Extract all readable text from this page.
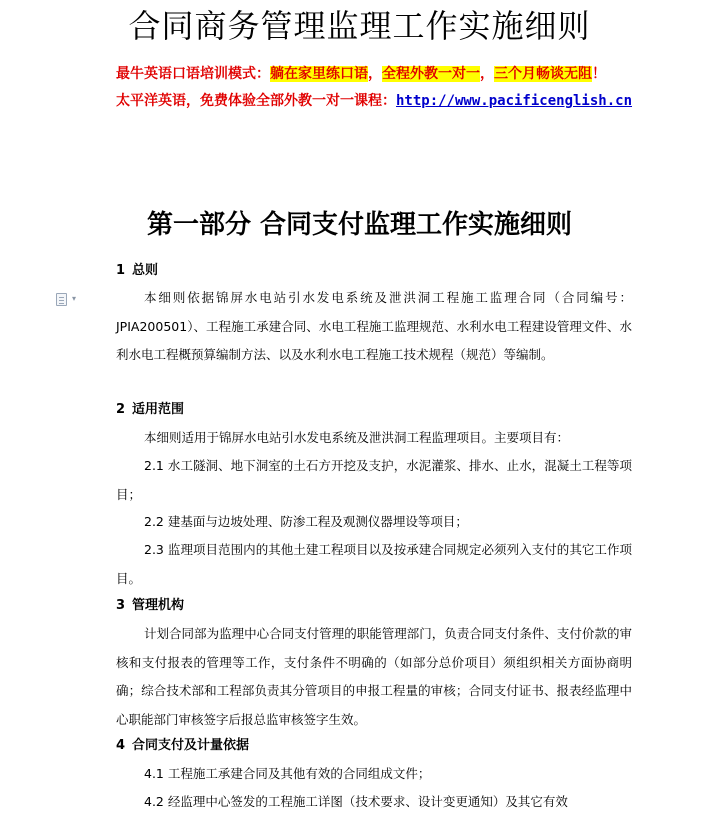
合同商务管理监理工作实施细则
最牛英语口语培训模式：躺在家里练口语，全程外教一对一，三个月畅谈无阻！
太平洋英语，免费体验全部外教一对一课程：http://www.pacificenglish.cn
第一部分 合同支付监理工作实施细则
1 总则
▾	本细则依据锦屏水电站引水发电系统及泄洪洞工程施工监理合同（合同编号：JPIA200501）、工程施工承建合同、水电工程施工监理规范、水利水电工程建设管理文件、水利水电工程概预算编制方法、以及水利水电工程施工技术规程（规范）等编制。
2 适用范围
本细则适用于锦屏水电站引水发电系统及泄洪洞工程监理项目。主要项目有：
2.1 水工隧洞、地下洞室的土石方开挖及支护，水泥灌浆、排水、止水，混凝土工程等项目；
2.2 建基面与边坡处理、防渗工程及观测仪器埋设等项目；
2.3 监理项目范围内的其他土建工程项目以及按承建合同规定必须列入支付的其它工作项目。
3 管理机构
计划合同部为监理中心合同支付管理的职能管理部门，负责合同支付条件、支付价款的审核和支付报表的管理等工作，支付条件不明确的（如部分总价项目）须组织相关方面协商明确；综合技术部和工程部负责其分管项目的申报工程量的审核；合同支付证书、报表经监理中心职能部门审核签字后报总监审核签字生效。
4 合同支付及计量依据
4.1 工程施工承建合同及其他有效的合同组成文件；
4.2 经监理中心签发的工程施工详图（技术要求、设计变更通知）及其它有效
